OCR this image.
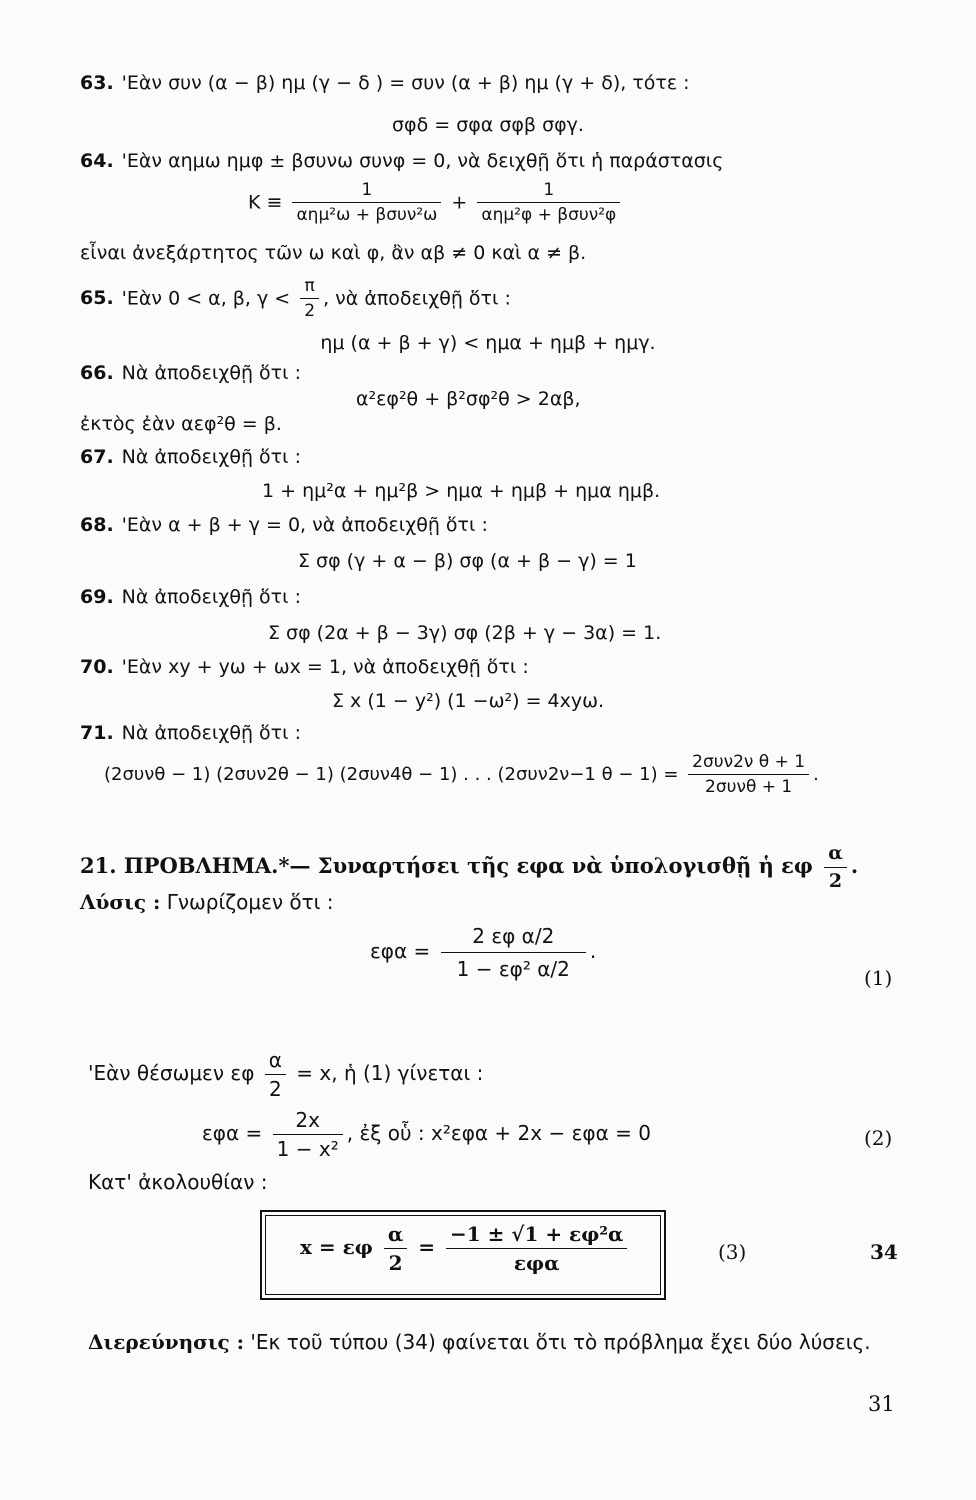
63. 'Εὰν συν (α − β) ημ (γ − δ ) = συν (α + β) ημ (γ + δ), τότε :
σφδ = σφα σφβ σφγ.
64. 'Εὰν αημω ημφ ± βσυνω συνφ = 0, νὰ δειχθῇ ὅτι ἡ παράστασις
$K \equiv \frac{1}{\text{αημ²ω + βσυν²ω}} + \frac{1}{\text{αημ²φ + βσυν²φ}}$
εἶναι ἀνεξάρτητος τῶν ω καὶ φ, ἂν αβ ≠ 0 καὶ α ≠ β.
65. 'Εὰν 0 < α, β, $\gamma < \frac{\pi}{2}$ , νὰ ἀποδειχθῇ ὅτι :
ημ (α + β + γ) < ημα + ημβ + ημγ.
66. Νὰ ἀποδειχθῇ ὅτι :
α²εφ²θ + β²σφ²θ > 2αβ,
ἐκτὸς ἐὰν αεφ²θ = β.
67. Νὰ ἀποδειχθῇ ὅτι :
1 + ημ²α + ημ²β > ημα + ημβ + ημα ημβ.
68. 'Εὰν α + β + γ = 0, νὰ ἀποδειχθῇ ὅτι :
Σ σφ (γ + α − β) σφ (α + β − γ) = 1
69. Νὰ ἀποδειχθῇ ὅτι :
Σ σφ (2α + β − 3γ) σφ (2β + γ − 3α) = 1.
70. 'Εὰν xy + yω + ωx = 1, νὰ ἀποδειχθῇ ὅτι :
Σ x (1 − y²) (1 −ω²) = 4xyω.
71. Νὰ ἀποδειχθῇ ὅτι :
(2συνθ − 1) (2συν2θ − 1) (2συν4θ − 1) . . . (2συν2ν−1 $\theta - 1) = \frac{\text{2συν2ν θ + 1}}{\text{2συνθ + 1}}$ .
21. ΠΡΟΒΛΗΜΑ.*— Συναρτήσει τῆς εφα νὰ ὑπολογισθῇ ἡ εφ $\frac{\alpha}{2}$ .
Λύσις : Γνωρίζομεν ὅτι :
$\varepsilon\varphi\alpha = \frac{\text{2 εφ α/2}}{\text{1 − εφ² α/2}}$ .
(1)
'Εὰν θέσωμεν εφ $\frac{\alpha}{2} = x$, ἡ (1) γίνεται :
$\varepsilon\varphi\alpha = \frac{2x}{\text{1 − x²}}$ , ἐξ οὗ : x²εφα + 2x − εφα = 0	(2)
Κατ' ἀκολουθίαν :
x = εφ $\frac{\alpha}{2} = \frac{\text{−1 ± √1 + εφ²α}}{\text{εφα}}$	(3)	34
Διερεύνησις : 'Εκ τοῦ τύπου (34) φαίνεται ὅτι τὸ πρόβλημα ἔχει δύο λύσεις.
31
